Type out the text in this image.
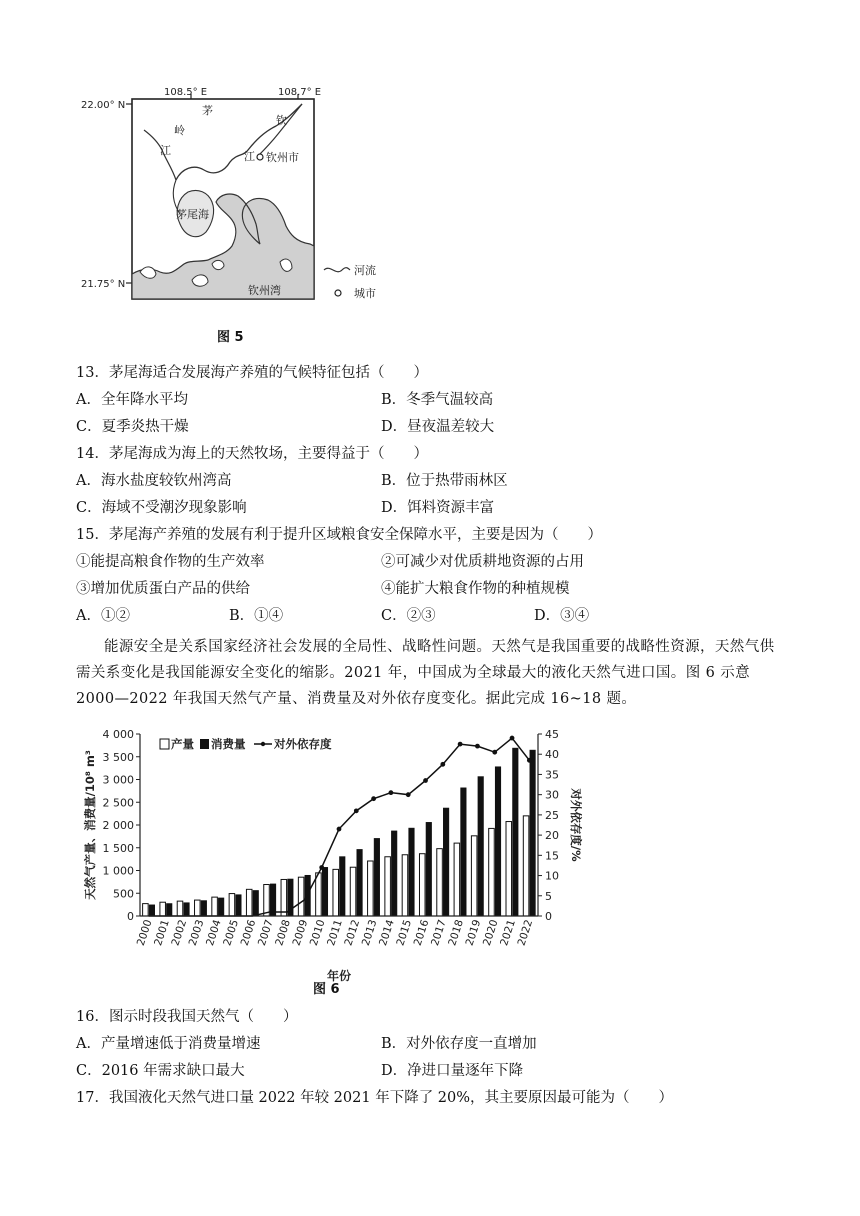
108.5° E	108.7° E
22.00° N
21.75° N
茅
岭
江
钦
江 钦州市
茅尾海
钦州湾
河流
城市
图 5
13．茅尾海适合发展海产养殖的气候特征包括（　　）
A．全年降水平均	B．冬季气温较高
C．夏季炎热干燥	D．昼夜温差较大
14．茅尾海成为海上的天然牧场，主要得益于（　　）
A．海水盐度较钦州湾高	B．位于热带雨林区
C．海域不受潮汐现象影响	D．饵料资源丰富
15．茅尾海产养殖的发展有利于提升区域粮食安全保障水平，主要是因为（　　）
①能提高粮食作物的生产效率	②可减少对优质耕地资源的占用
③增加优质蛋白产品的供给	④能扩大粮食作物的种植规模
A．①②	B．①④	C．②③	D．③④
能源安全是关系国家经济社会发展的全局性、战略性问题。天然气是我国重要的战略性资源，天然气供需关系变化是我国能源安全变化的缩影。2021 年，中国成为全球最大的液化天然气进口国。图 6 示意 2000—2022 年我国天然气产量、消费量及对外依存度变化。据此完成 16~18 题。
0
500
1 000
1 500
2 000
2 500
3 000
3 500
4 000
0
5
10
15
20
25
30
35
40
45
2000
2001
2002
2003
2004
2005
2006
2007
2008
2009
2010
2011
2012
2013
2014
2015
2016
2017
2018
2019
2020
2021
2022
天然气产量、消费量/10⁸ m³	对外依存度/%
年份
产量 消费量 对外依存度
图 6
16．图示时段我国天然气（　　）
A．产量增速低于消费量增速	B．对外依存度一直增加
C．2016 年需求缺口最大	D．净进口量逐年下降
17．我国液化天然气进口量 2022 年较 2021 年下降了 20%，其主要原因最可能为（　　）
